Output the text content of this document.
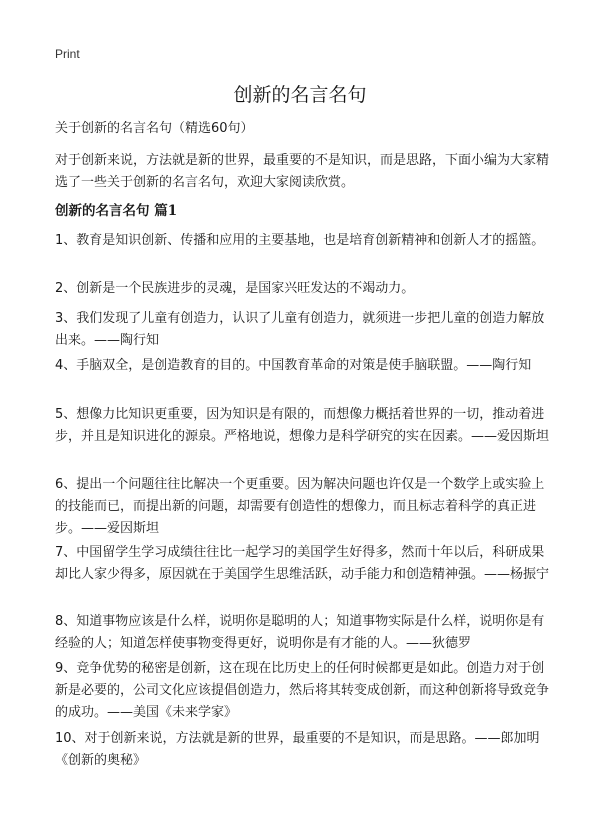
Print
创新的名言名句

关于创新的名言名句（精选60句）

对于创新来说，方法就是新的世界，最重要的不是知识，而是思路，下面小编为大家精选了一些关于创新的名言名句，欢迎大家阅读欣赏。

创新的名言名句 篇1

1、教育是知识创新、传播和应用的主要基地，也是培育创新精神和创新人才的摇篮。

2、创新是一个民族进步的灵魂，是国家兴旺发达的不竭动力。

3、我们发现了儿童有创造力，认识了儿童有创造力，就须进一步把儿童的创造力解放出来。——陶行知

4、手脑双全，是创造教育的目的。中国教育革命的对策是使手脑联盟。——陶行知

5、想像力比知识更重要，因为知识是有限的，而想像力概括着世界的一切，推动着进步，并且是知识进化的源泉。严格地说，想像力是科学研究的实在因素。——爱因斯坦

6、提出一个问题往往比解决一个更重要。因为解决问题也许仅是一个数学上或实验上的技能而已，而提出新的问题，却需要有创造性的想像力，而且标志着科学的真正进步。——爱因斯坦

7、中国留学生学习成绩往往比一起学习的美国学生好得多，然而十年以后，科研成果却比人家少得多，原因就在于美国学生思维活跃，动手能力和创造精神强。——杨振宁

8、知道事物应该是什么样，说明你是聪明的人；知道事物实际是什么样，说明你是有经验的人；知道怎样使事物变得更好，说明你是有才能的人。——狄德罗

9、竞争优势的秘密是创新，这在现在比历史上的任何时候都更是如此。创造力对于创新是必要的，公司文化应该提倡创造力，然后将其转变成创新，而这种创新将导致竞争的成功。——美国《未来学家》

10、对于创新来说，方法就是新的世界，最重要的不是知识，而是思路。——郎加明《创新的奥秘》
